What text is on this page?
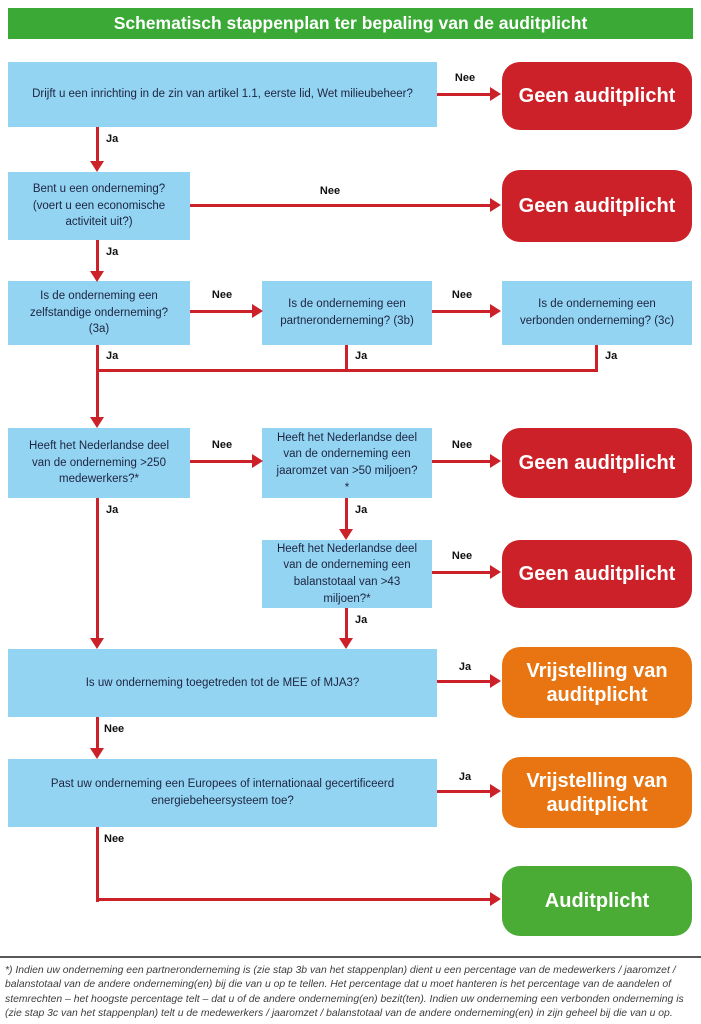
Schematisch stappenplan ter bepaling van de auditplicht
Drijft u een inrichting in de zin van artikel 1.1, eerste lid, Wet milieubeheer?
Bent u een onderneming? (voert u een economische activiteit uit?)
Is de onderneming een zelfstandige onderneming? (3a)
Is de onderneming een partneronderneming? (3b)
Is de onderneming een verbonden onderneming? (3c)
Heeft het Nederlandse deel van de onderneming >250 medewerkers?*
Heeft het Nederlandse deel van de onderneming een jaaromzet van >50 miljoen?*
Heeft het Nederlandse deel van de onderneming een balanstotaal van >43 miljoen?*
Is uw onderneming toegetreden tot de MEE of MJA3?
Past uw onderneming een Europees of internationaal gecertificeerd energiebeheersysteem toe?
Geen auditplicht
Geen auditplicht
Geen auditplicht
Geen auditplicht
Vrijstelling van auditplicht
Vrijstelling van auditplicht
Auditplicht
Ja
Ja
Ja	Ja	Ja
Ja	Ja
Ja
Nee
Nee
Nee
Nee
Nee	Nee
Nee	Nee
Nee
Ja
Ja
*) Indien uw onderneming een partneronderneming is (zie stap 3b van het stappenplan) dient u een percentage van de medewerkers / jaaromzet / balanstotaal van de andere onderneming(en) bij die van u op te tellen. Het percentage dat u moet hanteren is het percentage van de aandelen of stemrechten – het hoogste percentage telt – dat u of de andere onderneming(en) bezit(ten). Indien uw onderneming een verbonden onderneming is (zie stap 3c van het stappenplan) telt u de medewerkers / jaaromzet / balanstotaal van de andere onderneming(en) in zijn geheel bij die van u op.
